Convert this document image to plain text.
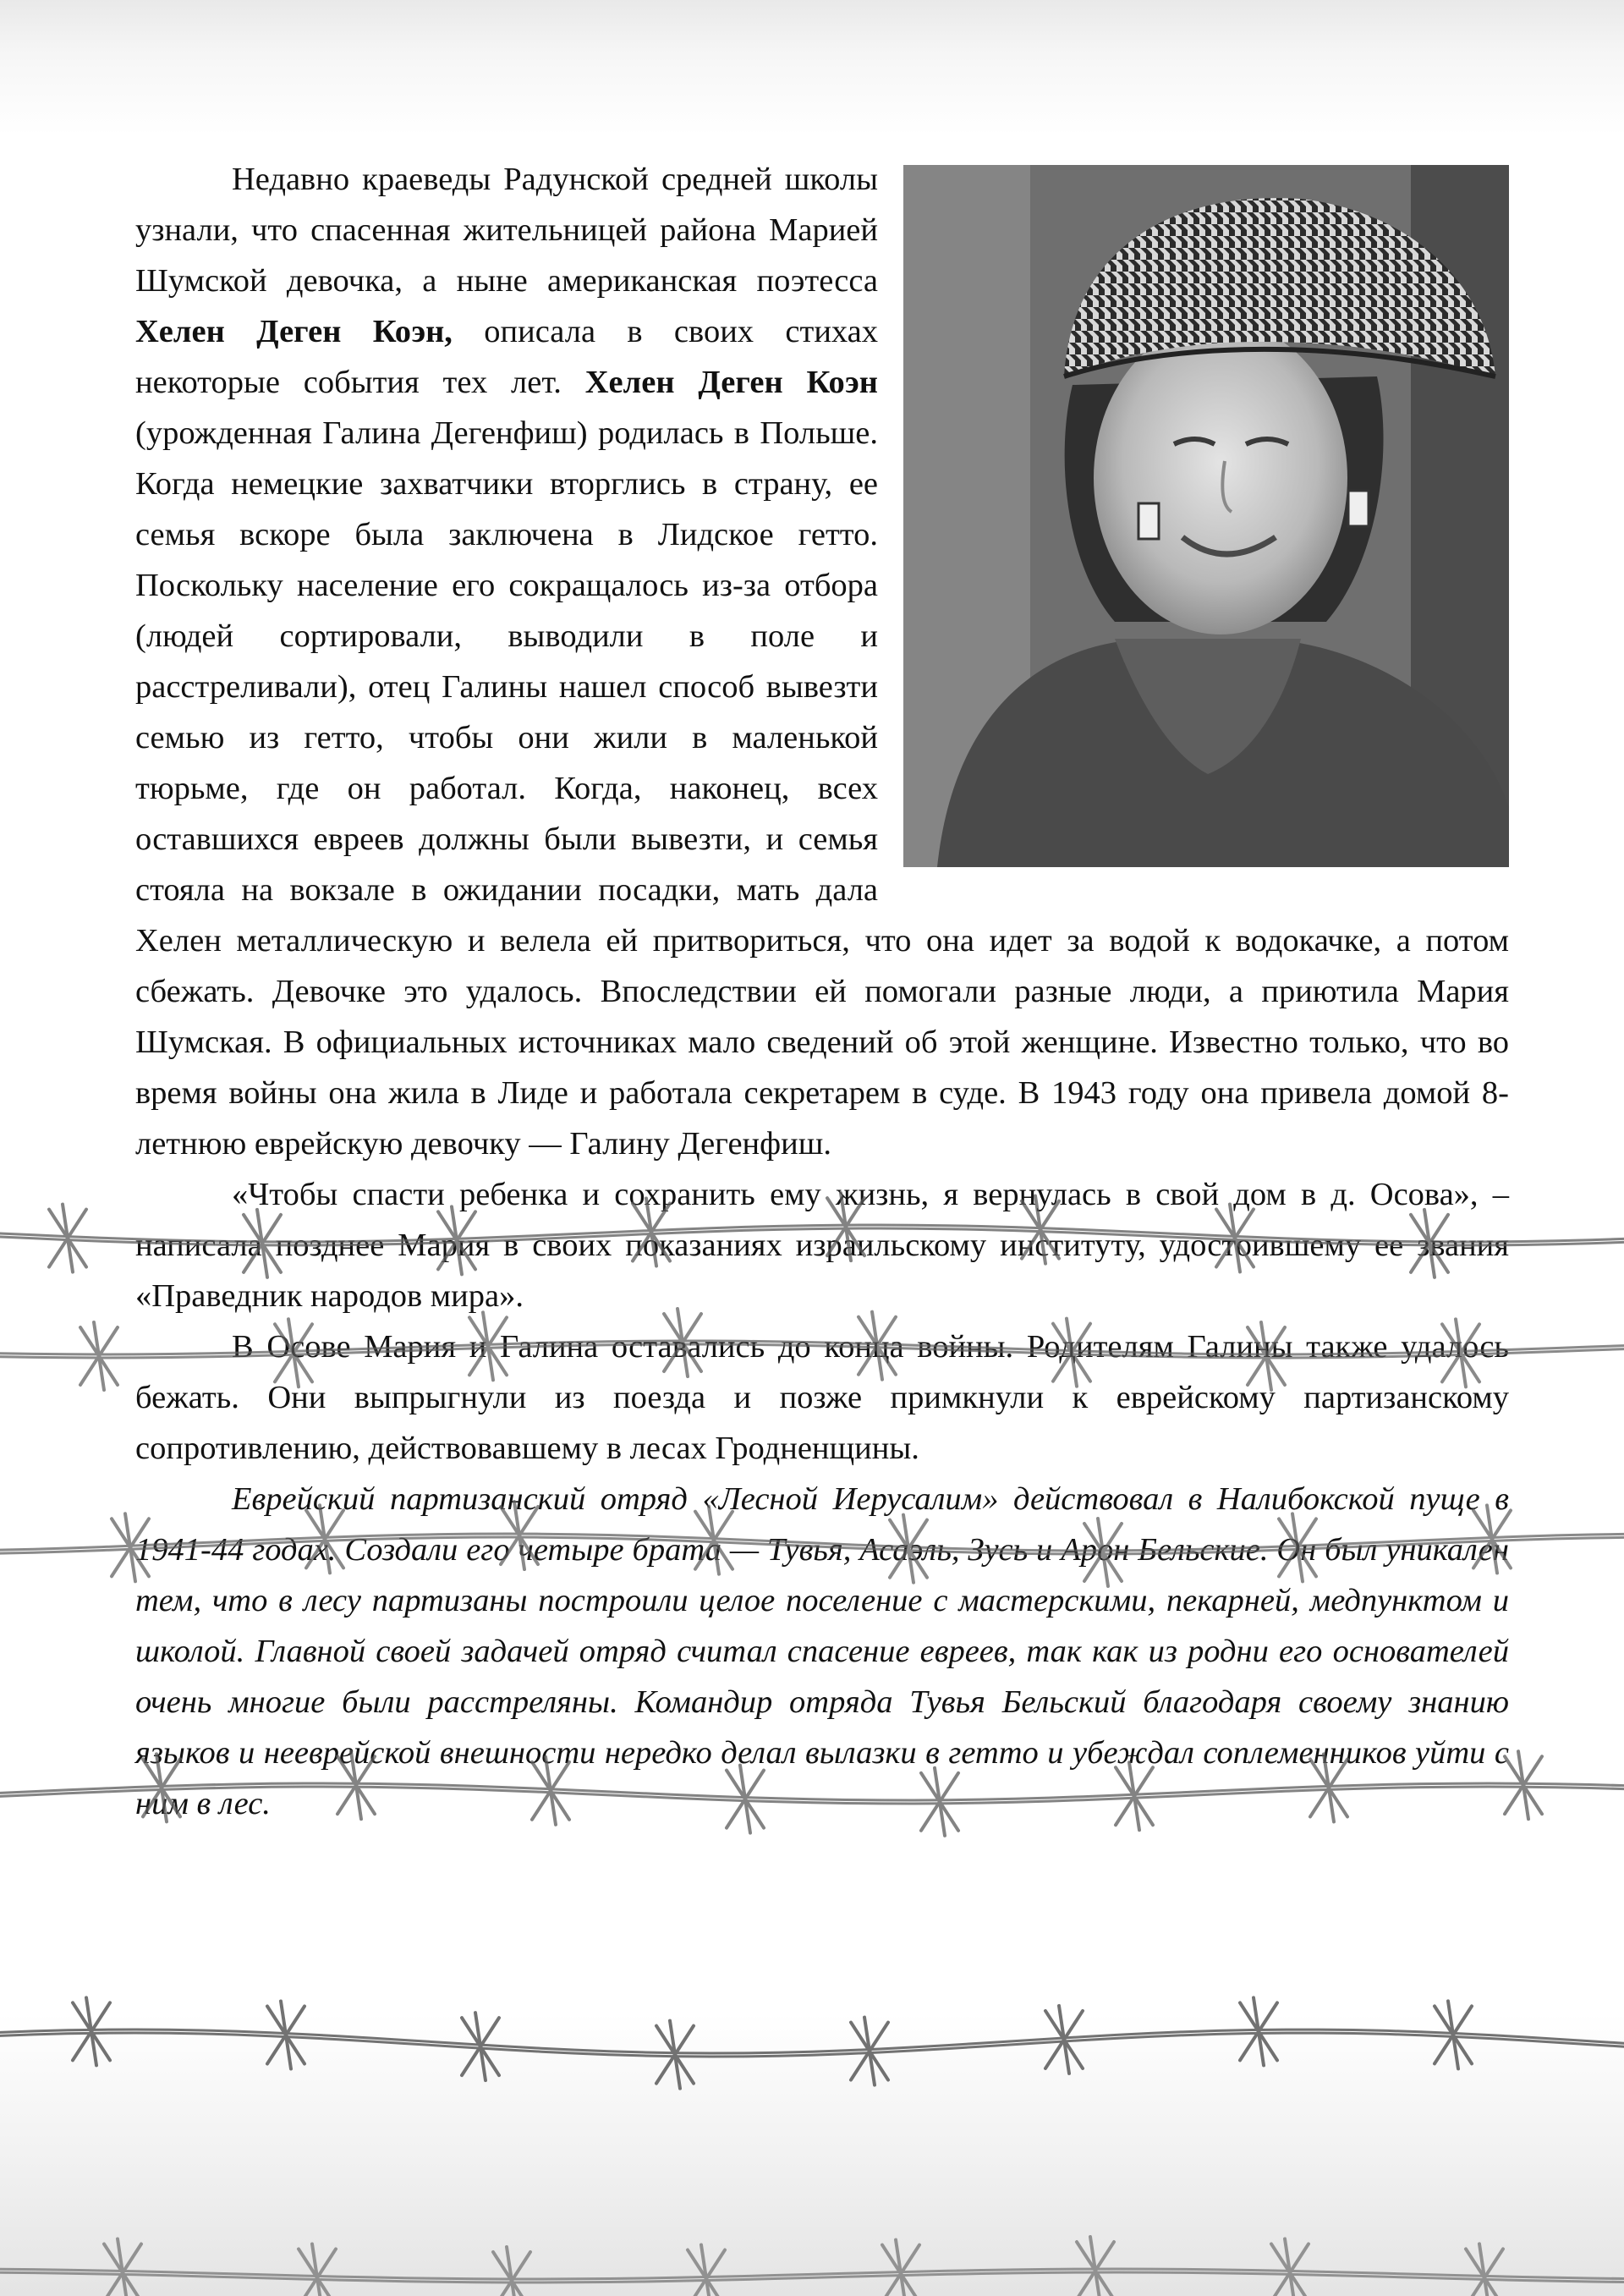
Недавно краеведы Радунской средней школы узнали, что спасенная жительницей района Марией Шумской девочка, а ныне американская поэтесса Хелен Деген Коэн, описала в своих стихах некоторые события тех лет. Хелен Деген Коэн (урожденная Галина Дегенфиш) родилась в Польше. Когда немецкие захватчики вторглись в страну, ее семья вскоре была заключена в Лидское гетто. Поскольку население его сокращалось из-за отбора (людей сортировали, выводили в поле и расстреливали), отец Галины нашел способ вывезти семью из гетто, чтобы они жили в маленькой тюрьме, где он работал. Когда, наконец, всех оставшихся евреев должны были вывезти, и семья стояла на вокзале в ожидании посадки, мать дала Хелен металлическую и велела ей притвориться, что она идет за водой к водокачке, а потом сбежать. Девочке это удалось. Впоследствии ей помогали разные люди, а приютила Мария Шумская. В официальных источниках мало сведений об этой женщине. Известно только, что во время войны она жила в Лиде и работала секретарем в суде. В 1943 году она привела домой 8-летнюю еврейскую девочку — Галину Дегенфиш.

«Чтобы спасти ребенка и сохранить ему жизнь, я вернулась в свой дом в д. Осова», – написала позднее Мария в своих показаниях израильскому институту, удостоившему ее звания «Праведник народов мира».

В Осове Мария и Галина оставались до конца войны. Родителям Галины также удалось бежать. Они выпрыгнули из поезда и позже примкнули к еврейскому партизанскому сопротивлению, действовавшему в лесах Гродненщины.

Еврейский партизанский отряд «Лесной Иерусалим» действовал в Налибокской пуще в 1941-44 годах. Создали его четыре брата — Тувья, Асаэль, Зусь и Арон Бельские. Он был уникален тем, что в лесу партизаны построили целое поселение с мастерскими, пекарней, медпунктом и школой. Главной своей задачей отряд считал спасение евреев, так как из родни его основателей очень многие были расстреляны. Командир отряда Тувья Бельский благодаря своему знанию языков и нееврейской внешности нередко делал вылазки в гетто и убеждал соплеменников уйти с ним в лес.
